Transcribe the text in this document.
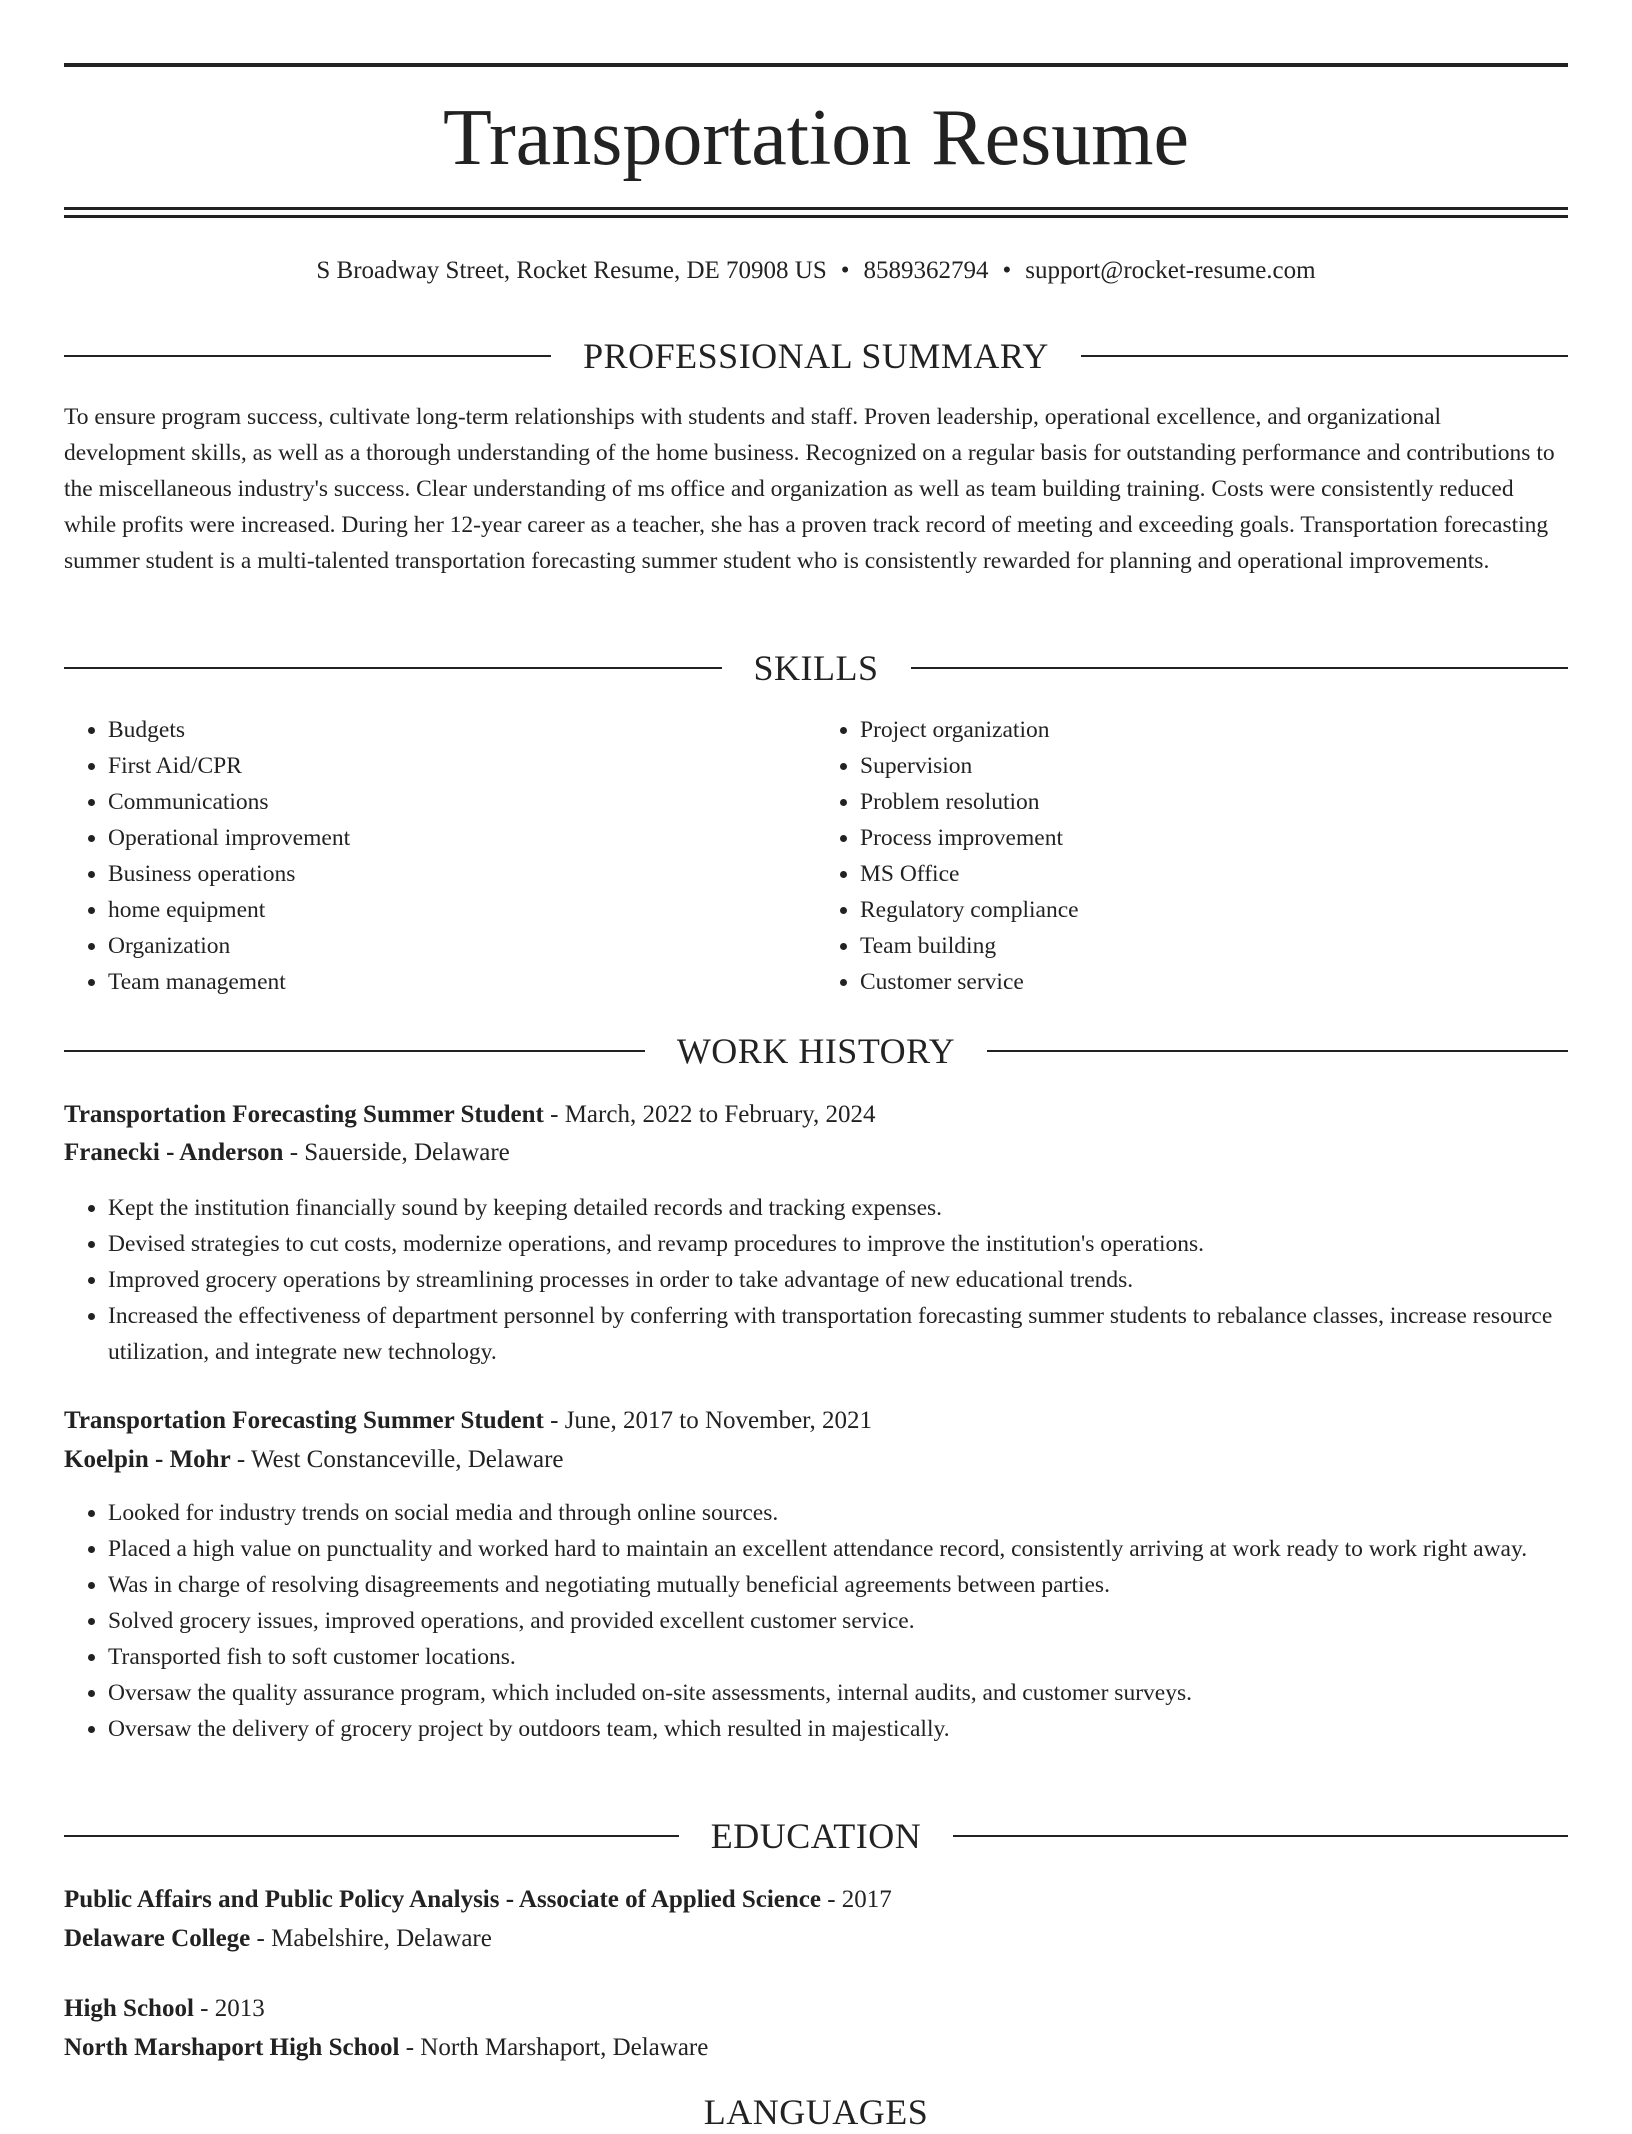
Transportation Resume
S Broadway Street, Rocket Resume, DE 70908 US • 8589362794 • support@rocket-resume.com
PROFESSIONAL SUMMARY

To ensure program success, cultivate long-term relationships with students and staff. Proven leadership, operational excellence, and organizational development skills, as well as a thorough understanding of the home business. Recognized on a regular basis for outstanding performance and contributions to the miscellaneous industry's success. Clear understanding of ms office and organization as well as team building training. Costs were consistently reduced while profits were increased. During her 12-year career as a teacher, she has a proven track record of meeting and exceeding goals. Transportation forecasting summer student is a multi-talented transportation forecasting summer student who is consistently rewarded for planning and operational improvements.

SKILLS
• Budgets
• First Aid/CPR
• Communications
• Operational improvement
• Business operations
• home equipment
• Organization
• Team management
• Project organization
• Supervision
• Problem resolution
• Process improvement
• MS Office
• Regulatory compliance
• Team building
• Customer service
WORK HISTORY

Transportation Forecasting Summer Student - March, 2022 to February, 2024

Franecki - Anderson - Sauerside, Delaware

• Kept the institution financially sound by keeping detailed records and tracking expenses.
• Devised strategies to cut costs, modernize operations, and revamp procedures to improve the institution's operations.
• Improved grocery operations by streamlining processes in order to take advantage of new educational trends.
• Increased the effectiveness of department personnel by conferring with transportation forecasting summer students to rebalance classes, increase resource utilization, and integrate new technology.

Transportation Forecasting Summer Student - June, 2017 to November, 2021

Koelpin - Mohr - West Constanceville, Delaware

• Looked for industry trends on social media and through online sources.
• Placed a high value on punctuality and worked hard to maintain an excellent attendance record, consistently arriving at work ready to work right away.
• Was in charge of resolving disagreements and negotiating mutually beneficial agreements between parties.
• Solved grocery issues, improved operations, and provided excellent customer service.
• Transported fish to soft customer locations.
• Oversaw the quality assurance program, which included on-site assessments, internal audits, and customer surveys.
• Oversaw the delivery of grocery project by outdoors team, which resulted in majestically.
EDUCATION

Public Affairs and Public Policy Analysis - Associate of Applied Science - 2017

Delaware College - Mabelshire, Delaware

High School - 2013

North Marshaport High School - North Marshaport, Delaware

LANGUAGES
